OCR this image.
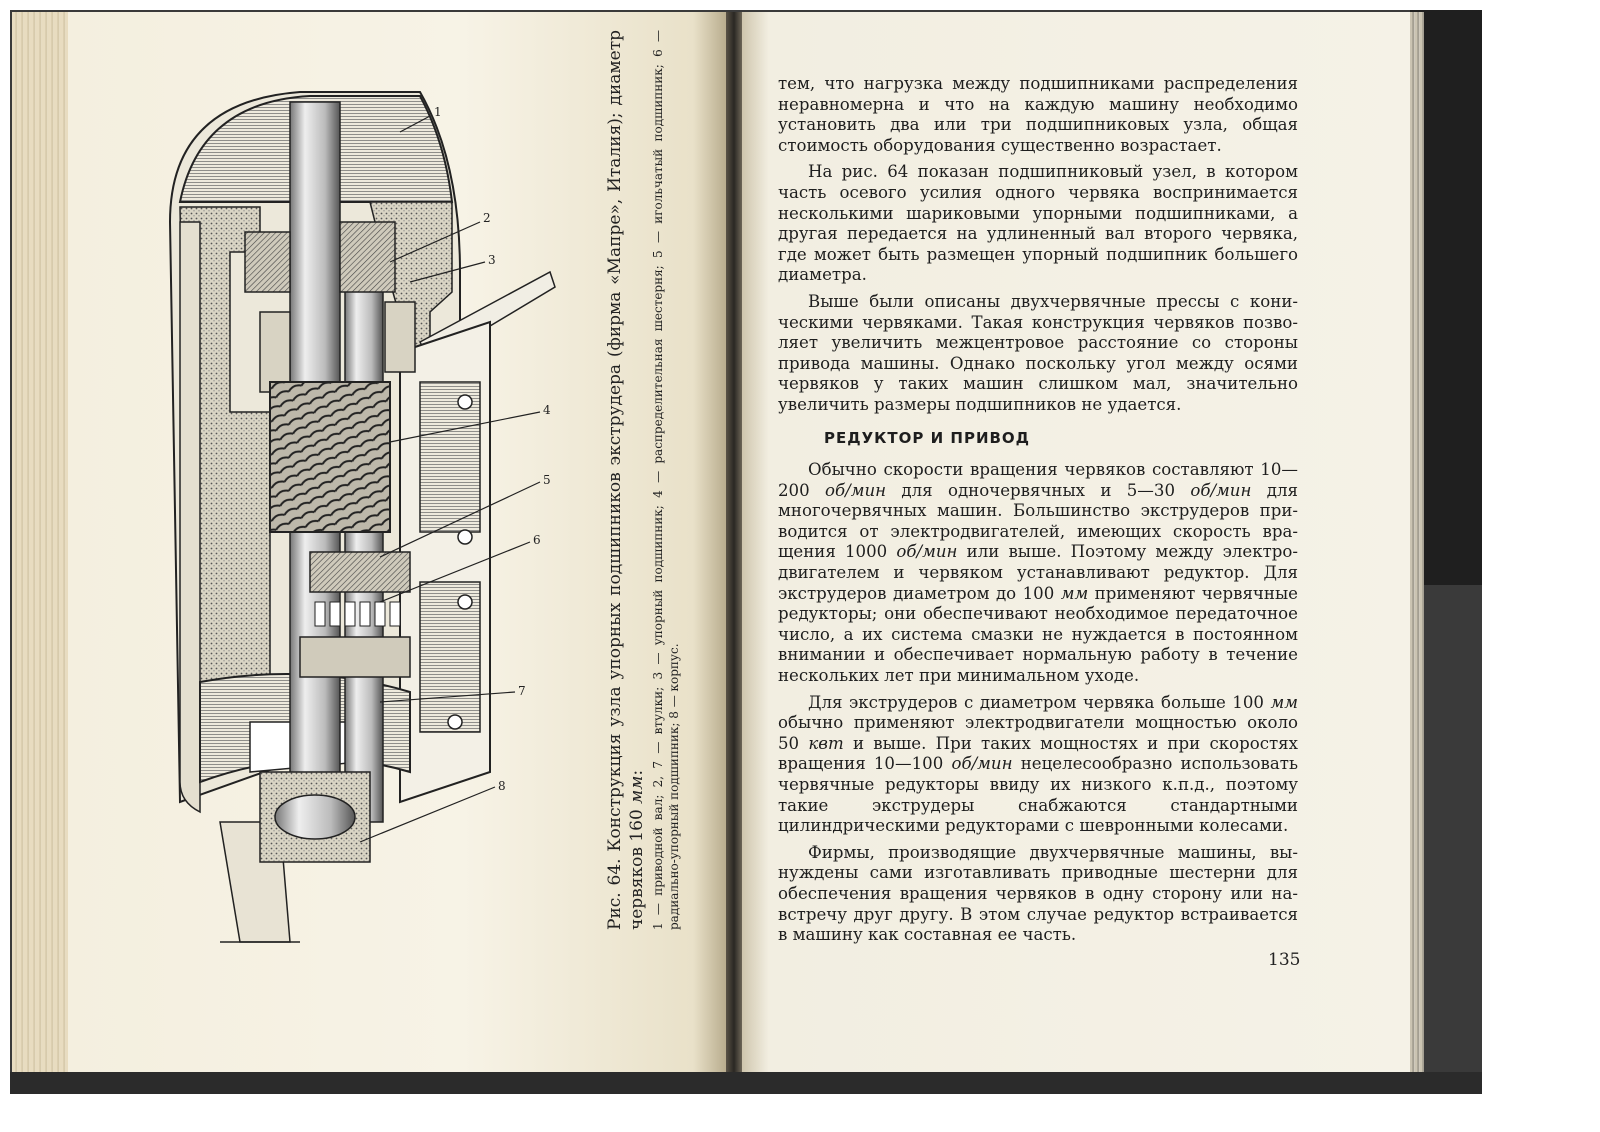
1
2
3
4
5
6
7
8	Рис. 64. Конструкция узла упорных подшипников экструдера (фирма «Мапре», Италия); диаметр червяков 160 мм: 1 — приводной вал; 2, 7 — втулки; 3 — упорный подшипник; 4 — распределительная шестерня; 5 — игольчатый подшипник; 6 — радиально-упорный подшипник; 8 — корпус.

тем, что нагрузка между подшипниками распределения неравномерна и что на каждую машину необходимо установить два или три подшипниковых узла, общая стоимость оборудования существенно возрастает.

На рис. 64 показан подшипниковый узел, в котором часть осевого усилия одного червяка воспринимается несколькими шариковыми упорными подшипниками, а другая передается на удлиненный вал второго червяка, где может быть размещен упорный подшипник большего диаметра.

Выше были описаны двухчервячные прессы с коническими червяками. Такая конструкция червяков позволяет увеличить межцентровое расстояние со стороны привода машины. Однако поскольку угол между осями червяков у таких машин слишком мал, значительно увеличить размеры подшипников не удается.

РЕДУКТОР И ПРИВОД

Обычно скорости вращения червяков составляют 10—200 об/мин для одночервячных и 5—30 об/мин для многочервячных машин. Большинство экструдеров приводится от электродвигателей, имеющих скорость вращения 1000 об/мин или выше. Поэтому между электродвигателем и червяком устанавливают редуктор. Для экструдеров диаметром до 100 мм применяют червячные редукторы; они обеспечивают необходимое передаточное число, а их система смазки не нуждается в постоянном внимании и обеспечивает нормальную работу в течение нескольких лет при минимальном уходе.

Для экструдеров с диаметром червяка больше 100 мм обычно применяют электродвигатели мощностью около 50 квт и выше. При таких мощностях и при скоростях вращения 10—100 об/мин нецелесообразно использовать червячные редукторы ввиду их низкого к.п.д., поэтому такие экструдеры снабжаются стандартными цилиндрическими редукторами с шевронными колесами.

Фирмы, производящие двухчервячные машины, вынуждены сами изготавливать приводные шестерни для обеспечения вращения червяков в одну сторону или навстречу друг другу. В этом случае редуктор встраивается в машину как составная ее часть.

135
